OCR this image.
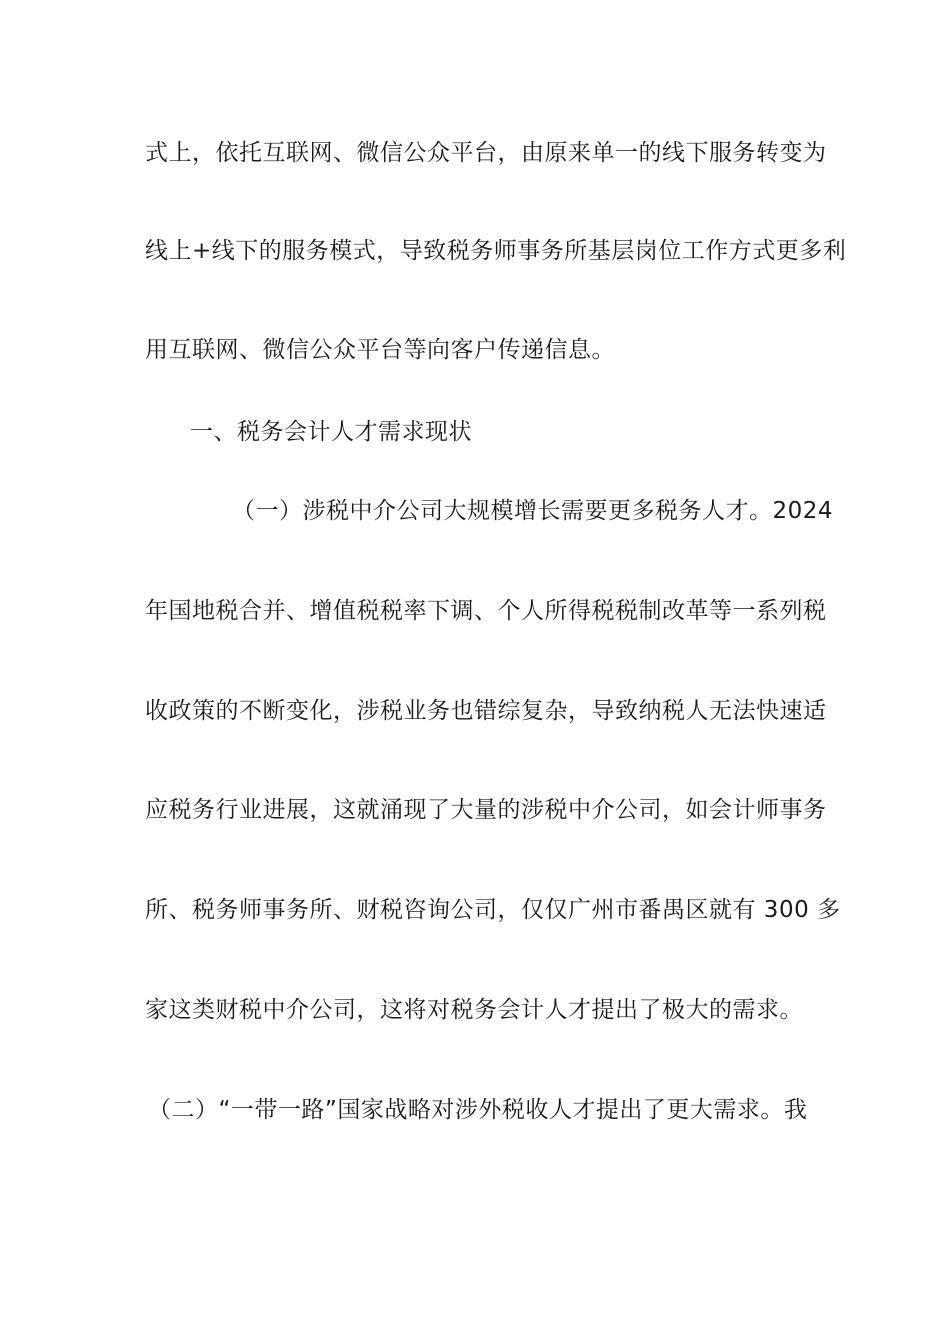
式上，依托互联网、微信公众平台，由原来单一的线下服务转变为
线上+线下的服务模式，导致税务师事务所基层岗位工作方式更多利
用互联网、微信公众平台等向客户传递信息。
一、税务会计人才需求现状
（一）涉税中介公司大规模增长需要更多税务人才。2024
年国地税合并、增值税税率下调、个人所得税税制改革等一系列税
收政策的不断变化，涉税业务也错综复杂，导致纳税人无法快速适
应税务行业进展，这就涌现了大量的涉税中介公司，如会计师事务
所、税务师事务所、财税咨询公司，仅仅广州市番禺区就有 300 多
家这类财税中介公司，这将对税务会计人才提出了极大的需求。
（二）“一带一路”国家战略对涉外税收人才提出了更大需求。我
